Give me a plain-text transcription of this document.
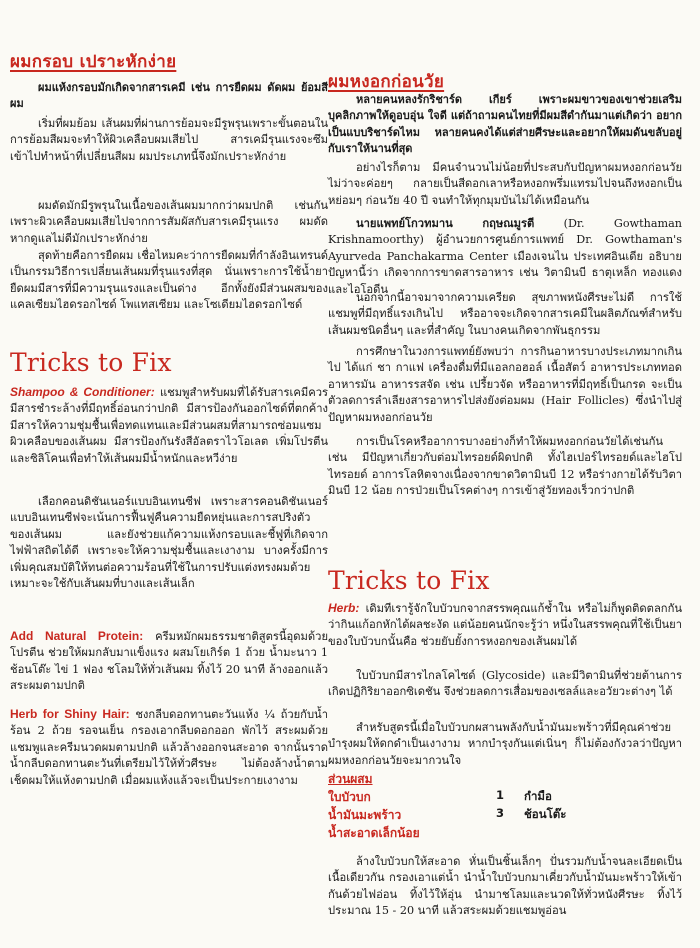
ผมกรอบ เปราะหักง่าย

ผมแห้งกรอบมักเกิดจากสารเคมี เช่น การยืดผม ดัดผม ย้อมสีผม

เริ่มที่ผมย้อม เส้นผมที่ผ่านการย้อมจะมีรูพรุนเพราะขั้นตอนในการย้อมสีผมจะทำให้ผิวเคลือบผมเสียไป สารเคมีรุนแรงจะซึมเข้าไปทำหน้าที่เปลี่ยนสีผม ผมประเภทนี้จึงมักเปราะหักง่าย

ผมดัดมักมีรูพรุนในเนื้อของเส้นผมมากกว่าผมปกติ เช่นกัน เพราะผิวเคลือบผมเสียไปจากการสัมผัสกับสารเคมีรุนแรง ผมดัดหากดูแลไม่ดีมักเปราะหักง่าย

สุดท้ายคือการยืดผม เชื่อไหมคะว่าการยืดผมที่กำลังอินเทรนด์เป็นกรรมวิธีการเปลี่ยนเส้นผมที่รุนแรงที่สุด นั่นเพราะการใช้น้ำยายืดผมมีสารที่มีความรุนแรงและเป็นด่าง อีกทั้งยังมีส่วนผสมของแคลเซียมไฮดรอกไซด์ โพแทสเซียม และโซเดียมไฮดรอกไซด์

Tricks to Fix

Shampoo & Conditioner: แชมพูสำหรับผมที่ได้รับสารเคมีควรมีสารชำระล้างที่มีฤทธิ์อ่อนกว่าปกติ มีสารป้องกันออกไซด์ที่ตกค้าง มีสารให้ความชุ่มชื้นเพื่อทดแทนและมีส่วนผสมที่สามารถซ่อมแซมผิวเคลือบของเส้นผม มีสารป้องกันรังสีอัลตราไวโอเลต เพิ่มโปรตีนและซิลิโคนเพื่อทำให้เส้นผมมีน้ำหนักและหวีง่าย

เลือกคอนดิชันเนอร์แบบอินเทนซีฟ เพราะสารคอนดิชันเนอร์แบบอินเทนซีฟจะเน้นการฟื้นฟูคืนความยืดหยุ่นและการสปริงตัวของเส้นผม และยังช่วยแก้ความแห้งกรอบและชี้ฟูที่เกิดจากไฟฟ้าสถิตได้ดี เพราะจะให้ความชุ่มชื้นและเงางาม บางครั้งมีการเพิ่มคุณสมบัติให้ทนต่อความร้อนที่ใช้ในการปรับแต่งทรงผมด้วย เหมาะจะใช้กับเส้นผมที่บางและเส้นเล็ก

Add Natural Protein: ครีมหมักผมธรรมชาติสูตรนี้อุดมด้วยโปรตีน ช่วยให้ผมกลับมาแข็งแรง ผสมโยเกิร์ต 1 ถ้วย น้ำมะนาว 1 ช้อนโต๊ะ ไข่ 1 ฟอง ชโลมให้ทั่วเส้นผม ทิ้งไว้ 20 นาที ล้างออกแล้วสระผมตามปกติ

Herb for Shiny Hair: ชงกลีบดอกทานตะวันแห้ง ¼ ถ้วยกับน้ำร้อน 2 ถ้วย รอจนเย็น กรองเอากลีบดอกออก พักไว้ สระผมด้วยแชมพูและครีมนวดผมตามปกติ แล้วล้างออกจนสะอาด จากนั้นราดน้ำกลีบดอกทานตะวันที่เตรียมไว้ให้ทั่วศีรษะ ไม่ต้องล้างน้ำตาม เช็ดผมให้แห้งตามปกติ เมื่อผมแห้งแล้วจะเป็นประกายเงางาม

ผมหงอกก่อนวัย

หลายคนหลงรักริชาร์ด เกียร์ เพราะผมขาวของเขาช่วยเสริมบุคลิกภาพให้ดูอบอุ่น ใจดี แต่ถ้าถามคนไทยที่มีผมสีดำกันมาแต่เกิดว่า อยากเป็นแบบริชาร์ดไหม หลายคนคงได้แต่ส่ายศีรษะและอยากให้ผมดันขลับอยู่กับเราให้นานที่สุด

อย่างไรก็ตาม มีคนจำนวนไม่น้อยที่ประสบกับปัญหาผมหงอกก่อนวัย ไม่ว่าจะค่อยๆ กลายเป็นสีดอกเลาหรือหงอกพรึ่มแทรมไปจนถึงหงอกเป็นหย่อมๆ ก่อนวัย 40 ปี จนทำให้ทุกมุมบันไม่ได้เหมือนกัน

นายแพทย์โกวทมาน กฤษณมูรตี (Dr. Gowthaman Krishnamoorthy) ผู้อำนวยการศูนย์การแพทย์ Dr. Gowthaman's Ayurveda Panchakarma Center เมืองเจนไน ประเทศอินเดีย อธิบายปัญหานี้ว่า เกิดจากการขาดสารอาหาร เช่น วิตามินบี ธาตุเหล็ก ทองแดง และไอโอดีน

นอกจากนี้อาจมาจากความเครียด สุขภาพหนังศีรษะไม่ดี การใช้แชมพูที่มีฤทธิ์แรงเกินไป หรืออาจจะเกิดจากสารเคมีในผลิตภัณฑ์สำหรับเส้นผมชนิดอื่นๆ และที่สำคัญ ในบางคนเกิดจากพันธุกรรม

การศึกษาในวงการแพทย์ยังพบว่า การกินอาหารบางประเภทมากเกินไป ได้แก่ ชา กาแฟ เครื่องดื่มที่มีแอลกอฮอล์ เนื้อสัตว์ อาหารประเภททอด อาหารมัน อาหารรสจัด เช่น เปรี้ยวจัด หรืออาหารที่มีฤทธิ์เป็นกรด จะเป็นตัวลดการลำเลียงสารอาหารไปส่งยังต่อมผม (Hair Follicles) ซึ่งนำไปสู่ปัญหาผมหงอกก่อนวัย

การเป็นโรคหรืออาการบางอย่างก็ทำให้ผมหงอกก่อนวัยได้เช่นกัน เช่น มีปัญหาเกี่ยวกับต่อมไทรอยด์ผิดปกติ ทั้งไฮเปอร์ไทรอยด์และไฮโปไทรอยด์ อาการโลหิตจางเนื่องจากขาดวิตามินบี 12 หรือร่างกายได้รับวิตามินบี 12 น้อย การป่วยเป็นโรคต่างๆ การเข้าสู่วัยทองเร็วกว่าปกติ

Tricks to Fix

Herb: เดิมทีเรารู้จักใบบัวบกจากสรรพคุณแก้ช้ำใน หรือไม่ก็พูดติดตลกกันว่ากินแก้อกหักได้ผลชะงัด แต่น้อยคนนักจะรู้ว่า หนึ่งในสรรพคุณที่ใช้เป็นยาของใบบัวบกนั้นคือ ช่วยยับยั้งการหงอกของเส้นผมได้

ใบบัวบกมีสารไกลโคไซด์ (Glycoside) และมีวิตามินที่ช่วยต้านการเกิดปฏิกิริยาออกซิเดชัน จึงช่วยลดการเสื่อมของเซลล์และอวัยวะต่างๆ ได้

สำหรับสูตรนี้เมื่อใบบัวบกผสานพลังกับน้ำมันมะพร้าวที่มีคุณค่าช่วยบำรุงผมให้ดกดำเป็นเงางาม หากบำรุงกันแต่เนิ่นๆ ก็ไม่ต้องกังวลว่าปัญหาผมหงอกก่อนวัยจะมากวนใจ

ส่วนผสม
ใบบัวบก	1 กำมือ
น้ำมันมะพร้าว	3 ช้อนโต๊ะ
น้ำสะอาดเล็กน้อย

ล้างใบบัวบกให้สะอาด หั่นเป็นชิ้นเล็กๆ ปั่นรวมกับน้ำจนละเอียดเป็นเนื้อเดียวกัน กรองเอาแต่น้ำ นำน้ำใบบัวบกมาเคี่ยวกับน้ำมันมะพร้าวให้เข้ากันด้วยไฟอ่อน ทิ้งไว้ให้อุ่น นำมาชโลมและนวดให้ทั่วหนังศีรษะ ทิ้งไว้ประมาณ 15 - 20 นาที แล้วสระผมด้วยแชมพูอ่อน
